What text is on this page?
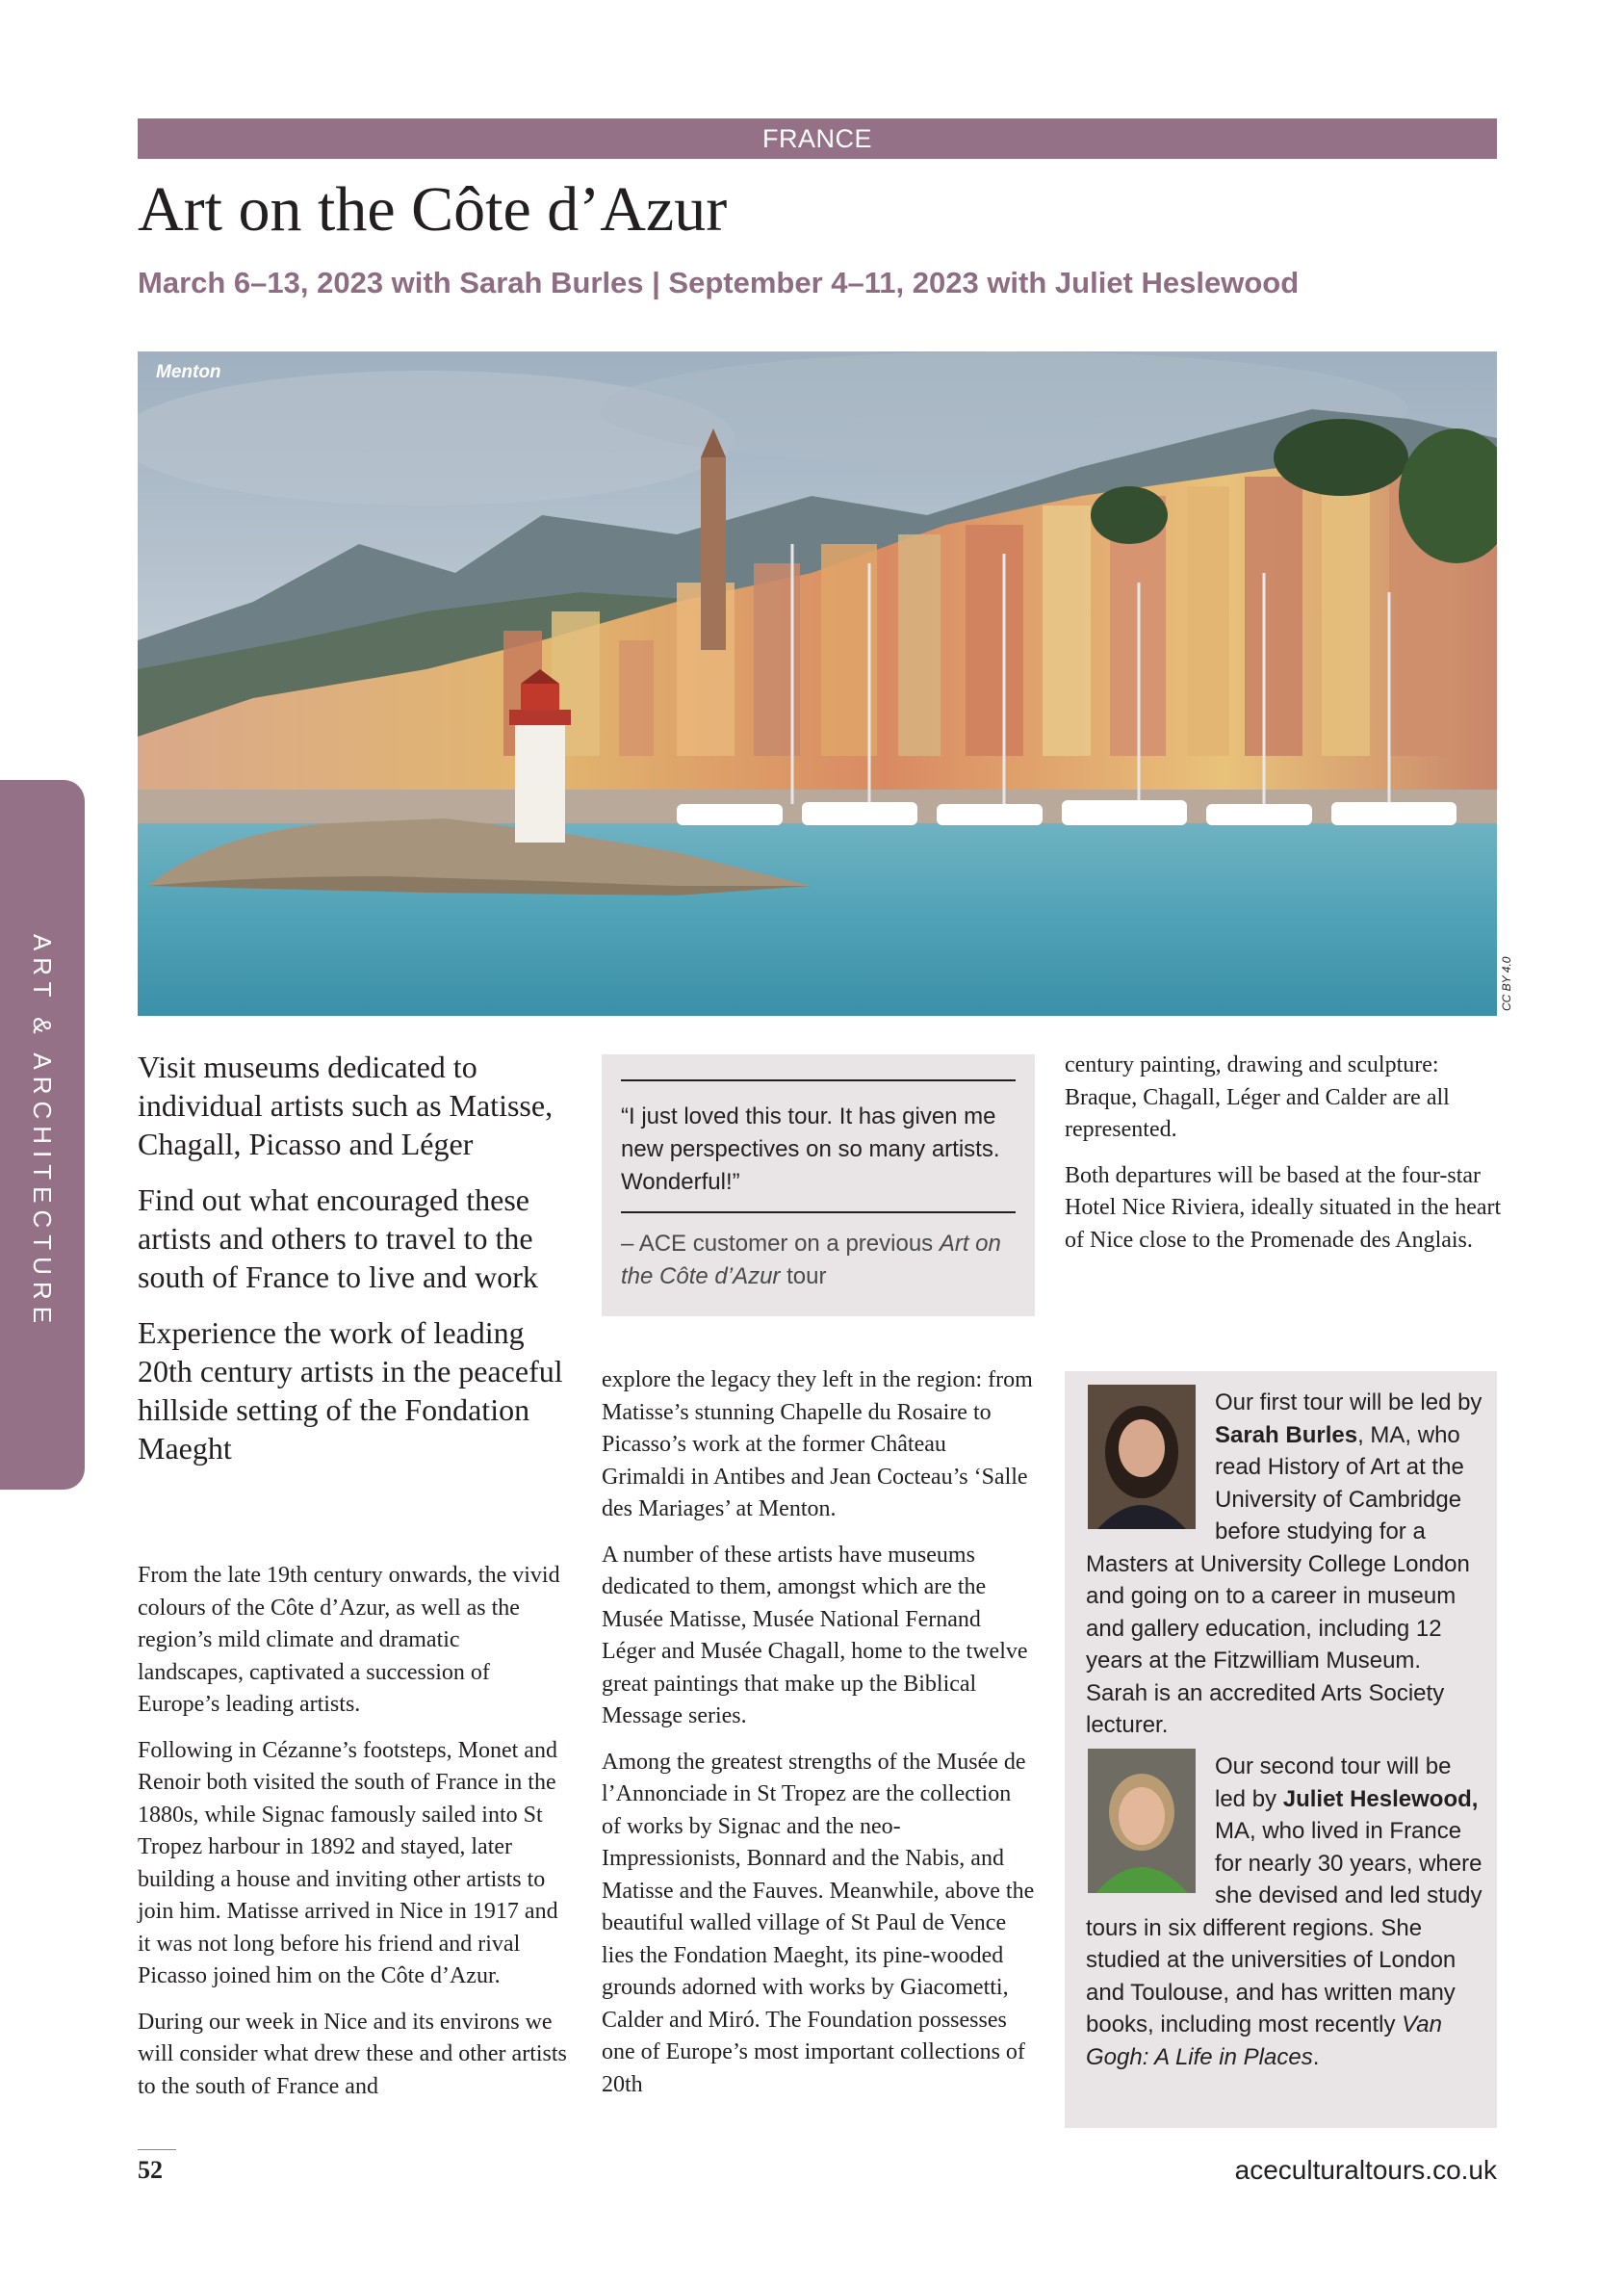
FRANCE
Art on the Côte d’Azur
March 6–13, 2023 with Sarah Burles | September 4–11, 2023 with Juliet Heslewood
ART & ARCHITECTURE
Menton
CC BY 4.0

Visit museums dedicated to individual artists such as Matisse, Chagall, Picasso and Léger

Find out what encouraged these artists and others to travel to the south of France to live and work

Experience the work of leading 20th century artists in the peaceful hillside setting of the Fondation Maeght

“I just loved this tour. It has given me new perspectives on so many artists. Wonderful!”
– ACE customer on a previous Art on the Côte d’Azur tour

From the late 19th century onwards, the vivid colours of the Côte d’Azur, as well as the region’s mild climate and dramatic landscapes, captivated a succession of Europe’s leading artists.

Following in Cézanne’s footsteps, Monet and Renoir both visited the south of France in the 1880s, while Signac famously sailed into St Tropez harbour in 1892 and stayed, later building a house and inviting other artists to join him. Matisse arrived in Nice in 1917 and it was not long before his friend and rival Picasso joined him on the Côte d’Azur.

During our week in Nice and its environs we will consider what drew these and other artists to the south of France and

explore the legacy they left in the region: from Matisse’s stunning Chapelle du Rosaire to Picasso’s work at the former Château Grimaldi in Antibes and Jean Cocteau’s ‘Salle des Mariages’ at Menton.

A number of these artists have museums dedicated to them, amongst which are the Musée Matisse, Musée National Fernand Léger and Musée Chagall, home to the twelve great paintings that make up the Biblical Message series.

Among the greatest strengths of the Musée de l’Annonciade in St Tropez are the collection of works by Signac and the neo-Impressionists, Bonnard and the Nabis, and Matisse and the Fauves. Meanwhile, above the beautiful walled village of St Paul de Vence lies the Fondation Maeght, its pine-wooded grounds adorned with works by Giacometti, Calder and Miró. The Foundation possesses one of Europe’s most important collections of 20th

century painting, drawing and sculpture: Braque, Chagall, Léger and Calder are all represented.

Both departures will be based at the four-star Hotel Nice Riviera, ideally situated in the heart of Nice close to the Promenade des Anglais.

Our first tour will be led by Sarah Burles, MA, who read History of Art at the University of Cambridge before studying for a Masters at University College London and going on to a career in museum and gallery education, including 12 years at the Fitzwilliam Museum. Sarah is an accredited Arts Society lecturer.
Our second tour will be led by Juliet Heslewood, MA, who lived in France for nearly 30 years, where she devised and led study tours in six different regions. She studied at the universities of London and Toulouse, and has written many books, including most recently Van Gogh: A Life in Places.
52	aceculturaltours.co.uk
